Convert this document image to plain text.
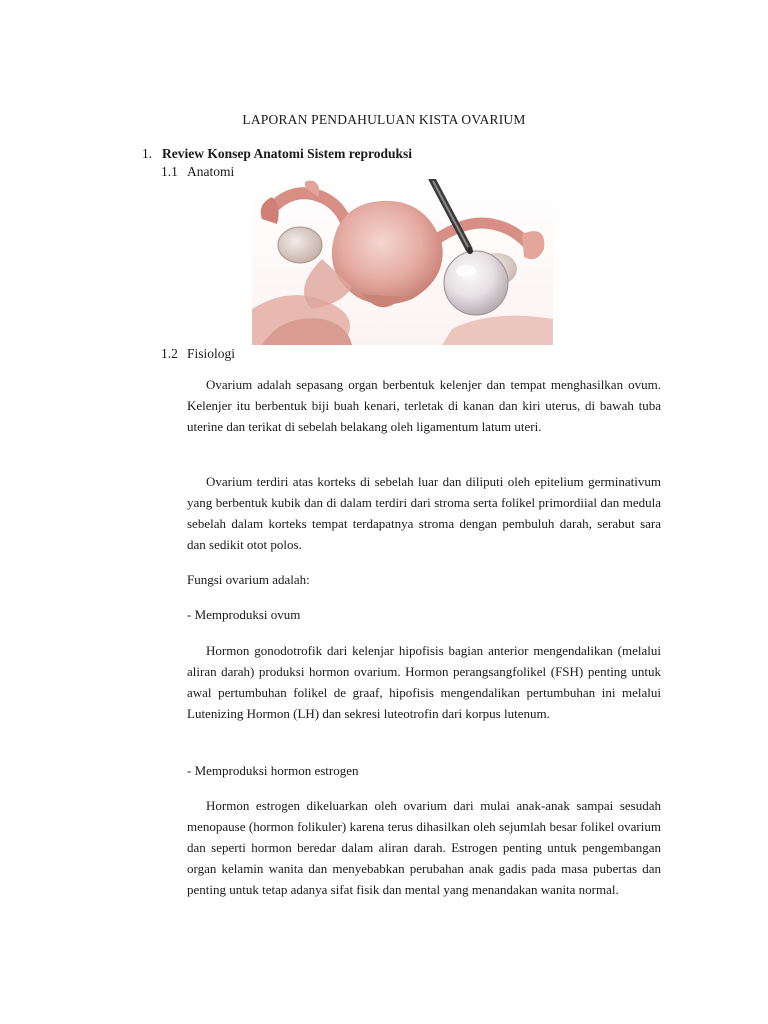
LAPORAN PENDAHULUAN KISTA OVARIUM
1. Review Konsep Anatomi Sistem reproduksi
1.1 Anatomi
1.2 Fisiologi

Ovarium adalah sepasang organ berbentuk kelenjer dan tempat menghasilkan ovum. Kelenjer itu berbentuk biji buah kenari, terletak di kanan dan kiri uterus, di bawah tuba uterine dan terikat di sebelah belakang oleh ligamentum latum uteri.

Ovarium terdiri atas korteks di sebelah luar dan diliputi oleh epitelium germinativum yang berbentuk kubik dan di dalam terdiri dari stroma serta folikel primordiial dan medula sebelah dalam korteks tempat terdapatnya stroma dengan pembuluh darah, serabut sara dan sedikit otot polos.

Fungsi ovarium adalah:
- Memproduksi ovum

Hormon gonodotrofik dari kelenjar hipofisis bagian anterior mengendalikan (melalui aliran darah) produksi hormon ovarium. Hormon perangsangfolikel (FSH) penting untuk awal pertumbuhan folikel de graaf, hipofisis mengendalikan pertumbuhan ini melalui Lutenizing Hormon (LH) dan sekresi luteotrofin dari korpus lutenum.

- Memproduksi hormon estrogen

Hormon estrogen dikeluarkan oleh ovarium dari mulai anak-anak sampai sesudah menopause (hormon folikuler) karena terus dihasilkan oleh sejumlah besar folikel ovarium dan seperti hormon beredar dalam aliran darah. Estrogen penting untuk pengembangan organ kelamin wanita dan menyebabkan perubahan anak gadis pada masa pubertas dan penting untuk tetap adanya sifat fisik dan mental yang menandakan wanita normal.
